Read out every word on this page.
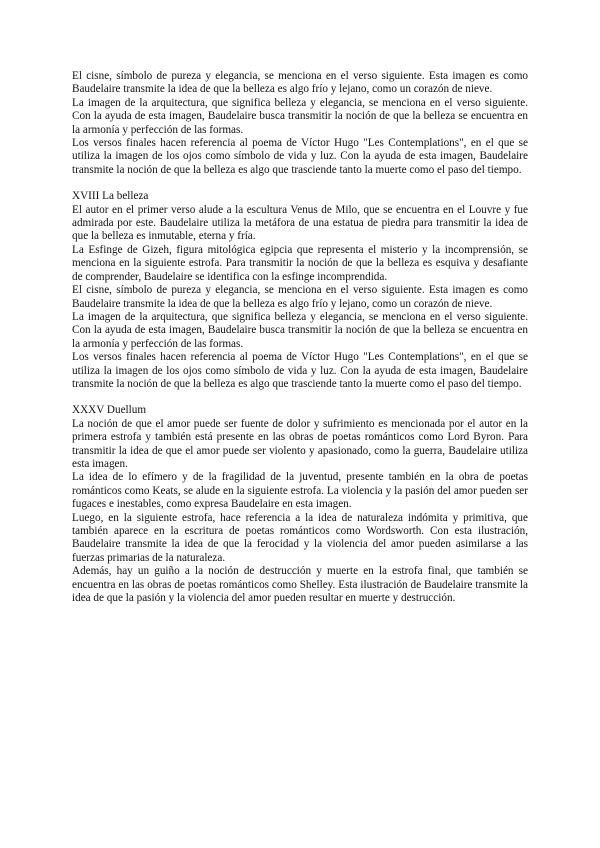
El cisne, símbolo de pureza y elegancia, se menciona en el verso siguiente. Esta imagen es como Baudelaire transmite la idea de que la belleza es algo frío y lejano, como un corazón de nieve.

La imagen de la arquitectura, que significa belleza y elegancia, se menciona en el verso siguiente. Con la ayuda de esta imagen, Baudelaire busca transmitir la noción de que la belleza se encuentra en la armonía y perfección de las formas.

Los versos finales hacen referencia al poema de Víctor Hugo "Les Contemplations", en el que se utiliza la imagen de los ojos como símbolo de vida y luz. Con la ayuda de esta imagen, Baudelaire transmite la noción de que la belleza es algo que trasciende tanto la muerte como el paso del tiempo.

XVIII La belleza

El autor en el primer verso alude a la escultura Venus de Milo, que se encuentra en el Louvre y fue admirada por este. Baudelaire utiliza la metáfora de una estatua de piedra para transmitir la idea de que la belleza es inmutable, eterna y fría.

La Esfinge de Gizeh, figura mitológica egipcia que representa el misterio y la incomprensión, se menciona en la siguiente estrofa. Para transmitir la noción de que la belleza es esquiva y desafiante de comprender, Baudelaire se identifica con la esfinge incomprendida.

El cisne, símbolo de pureza y elegancia, se menciona en el verso siguiente. Esta imagen es como Baudelaire transmite la idea de que la belleza es algo frío y lejano, como un corazón de nieve.

La imagen de la arquitectura, que significa belleza y elegancia, se menciona en el verso siguiente. Con la ayuda de esta imagen, Baudelaire busca transmitir la noción de que la belleza se encuentra en la armonía y perfección de las formas.

Los versos finales hacen referencia al poema de Víctor Hugo "Les Contemplations", en el que se utiliza la imagen de los ojos como símbolo de vida y luz. Con la ayuda de esta imagen, Baudelaire transmite la noción de que la belleza es algo que trasciende tanto la muerte como el paso del tiempo.

XXXV Duellum

La noción de que el amor puede ser fuente de dolor y sufrimiento es mencionada por el autor en la primera estrofa y también está presente en las obras de poetas románticos como Lord Byron. Para transmitir la idea de que el amor puede ser violento y apasionado, como la guerra, Baudelaire utiliza esta imagen.

La idea de lo efímero y de la fragilidad de la juventud, presente también en la obra de poetas románticos como Keats, se alude en la siguiente estrofa. La violencia y la pasión del amor pueden ser fugaces e inestables, como expresa Baudelaire en esta imagen.

Luego, en la siguiente estrofa, hace referencia a la idea de naturaleza indómita y primitiva, que también aparece en la escritura de poetas románticos como Wordsworth. Con esta ilustración, Baudelaire transmite la idea de que la ferocidad y la violencia del amor pueden asimilarse a las fuerzas primarias de la naturaleza.

Además, hay un guiño a la noción de destrucción y muerte en la estrofa final, que también se encuentra en las obras de poetas románticos como Shelley. Esta ilustración de Baudelaire transmite la idea de que la pasión y la violencia del amor pueden resultar en muerte y destrucción.
